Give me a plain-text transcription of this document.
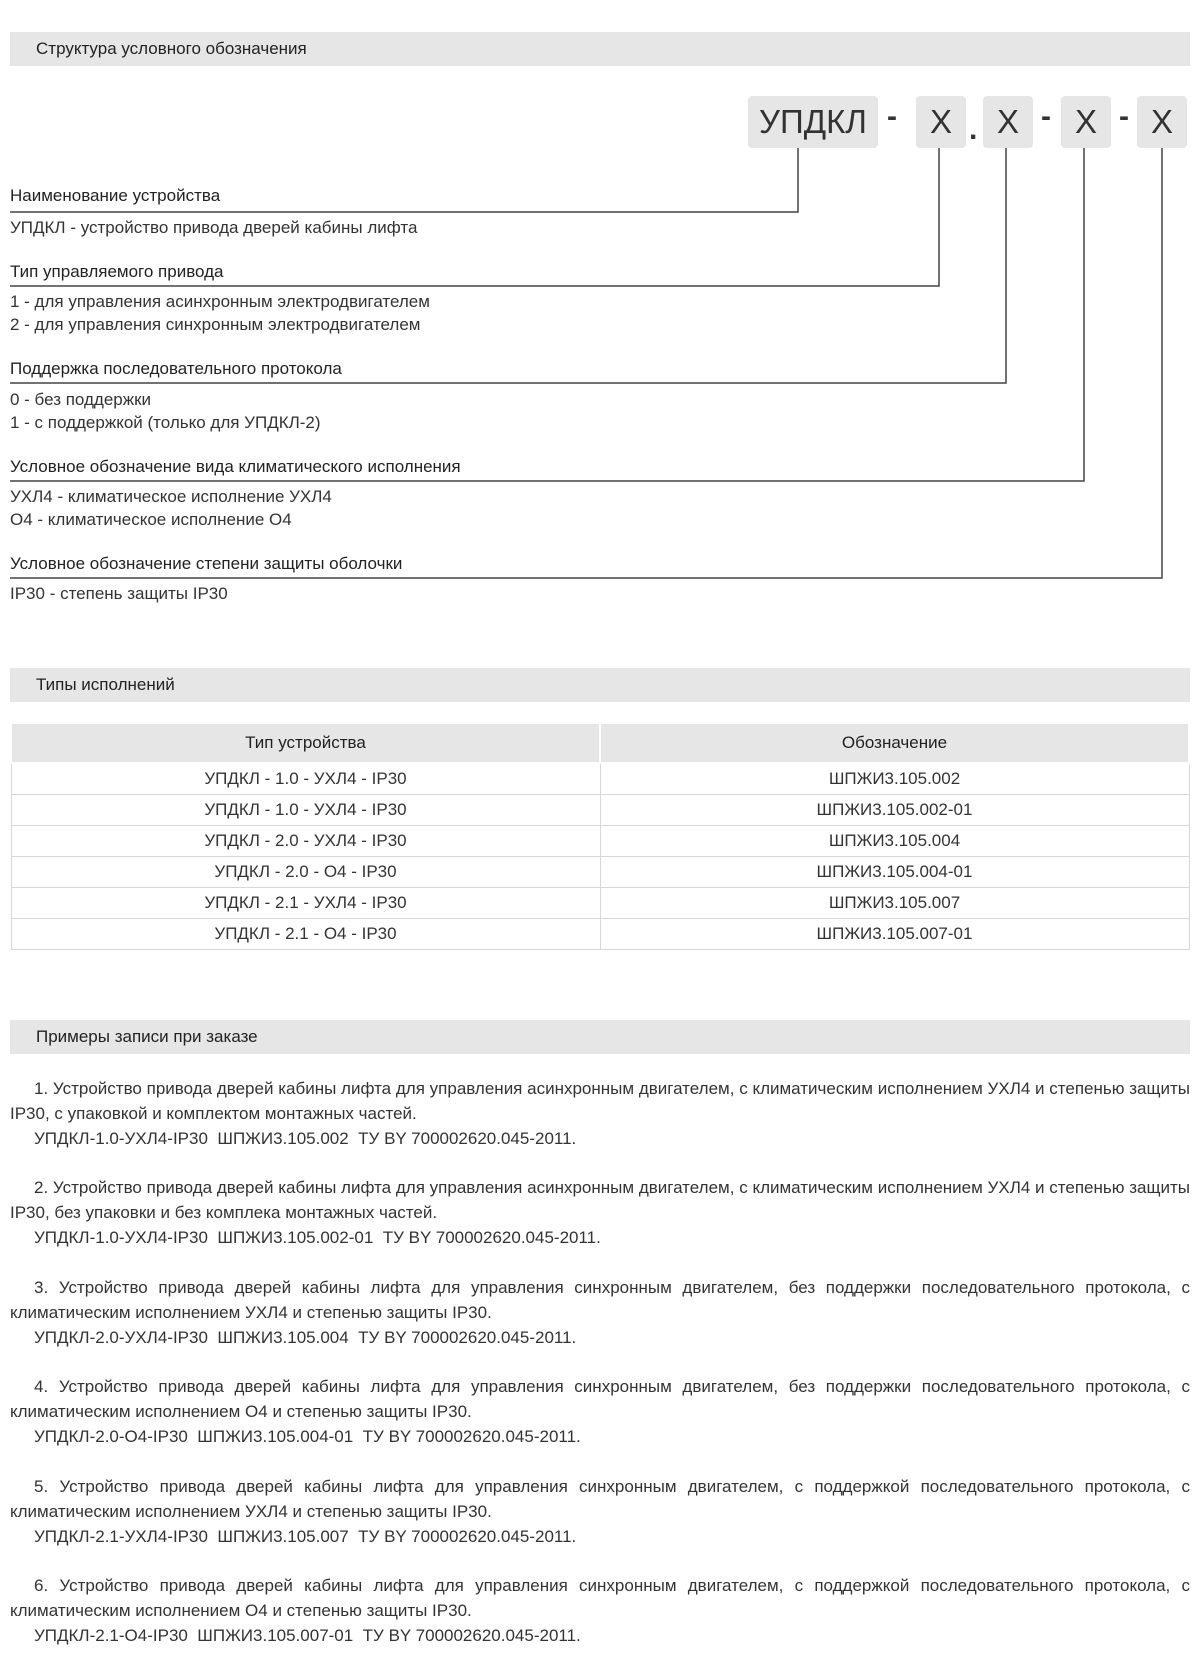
Структура условного обозначения
УПДКЛ - X . X - X - X
Наименование устройства
УПДКЛ - устройство привода дверей кабины лифта
Тип управляемого привода
1 - для управления асинхронным электродвигателем
2 - для управления синхронным электродвигателем
Поддержка последовательного протокола
0 - без поддержки
1 - с поддержкой (только для УПДКЛ-2)
Условное обозначение вида климатического исполнения
УХЛ4 - климатическое исполнение УХЛ4
О4 - климатическое исполнение О4
Условное обозначение степени защиты оболочки
IP30 - степень защиты IP30
Типы исполнений
Тип устройства	Обозначение
УПДКЛ - 1.0 - УХЛ4 - IP30	ШПЖИ3.105.002
УПДКЛ - 1.0 - УХЛ4 - IP30	ШПЖИ3.105.002-01
УПДКЛ - 2.0 - УХЛ4 - IP30	ШПЖИ3.105.004
УПДКЛ - 2.0 - О4 - IP30	ШПЖИ3.105.004-01
УПДКЛ - 2.1 - УХЛ4 - IP30	ШПЖИ3.105.007
УПДКЛ - 2.1 - О4 - IP30	ШПЖИ3.105.007-01
Примеры записи при заказе

1. Устройство привода дверей кабины лифта для управления асинхронным двигателем, с климатическим исполнением УХЛ4 и степенью защиты IP30, с упаковкой и комплектом монтажных частей.

УПДКЛ-1.0-УХЛ4-IP30  ШПЖИ3.105.002  ТУ BY 700002620.045-2011.

2. Устройство привода дверей кабины лифта для управления асинхронным двигателем, с климатическим исполнением УХЛ4 и степенью защиты IP30, без упаковки и без комплека монтажных частей.

УПДКЛ-1.0-УХЛ4-IP30  ШПЖИ3.105.002-01  ТУ BY 700002620.045-2011.

3. Устройство привода дверей кабины лифта для управления синхронным двигателем, без поддержки последовательного протокола, с климатическим исполнением УХЛ4 и степенью защиты IP30.

УПДКЛ-2.0-УХЛ4-IP30  ШПЖИ3.105.004  ТУ BY 700002620.045-2011.

4. Устройство привода дверей кабины лифта для управления синхронным двигателем, без поддержки последовательного протокола, с климатическим исполнением О4 и степенью защиты IP30.

УПДКЛ-2.0-О4-IP30  ШПЖИ3.105.004-01  ТУ BY 700002620.045-2011.

5. Устройство привода дверей кабины лифта для управления синхронным двигателем, с поддержкой последовательного протокола, с климатическим исполнением УХЛ4 и степенью защиты IP30.

УПДКЛ-2.1-УХЛ4-IP30  ШПЖИ3.105.007  ТУ BY 700002620.045-2011.

6. Устройство привода дверей кабины лифта для управления синхронным двигателем, с поддержкой последовательного протокола, с климатическим исполнением О4 и степенью защиты IP30.

УПДКЛ-2.1-О4-IP30  ШПЖИ3.105.007-01  ТУ BY 700002620.045-2011.
